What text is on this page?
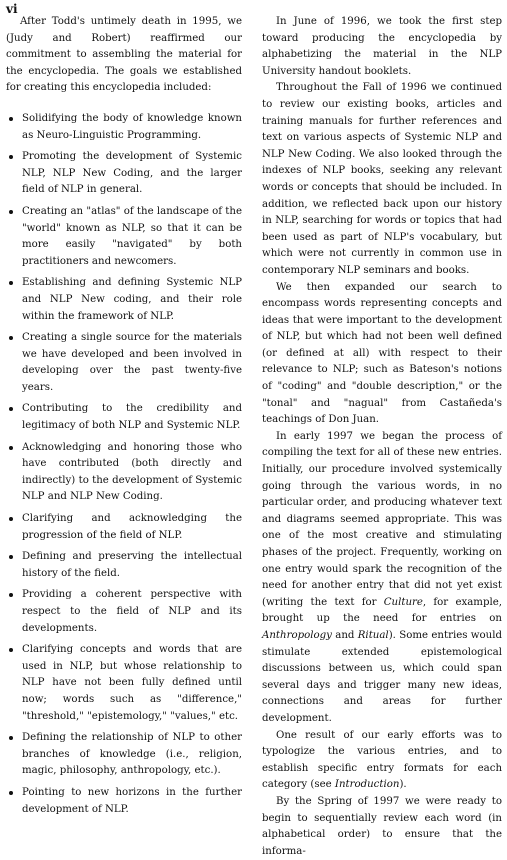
vi

After Todd's untimely death in 1995, we (Judy and Robert) reaffirmed our commitment to assembling the material for the encyclopedia. The goals we established for creating this encyclopedia included:

Solidifying the body of knowledge known as Neuro-Linguistic Programming.
Promoting the development of Systemic NLP, NLP New Coding, and the larger field of NLP in general.
Creating an "atlas" of the landscape of the "world" known as NLP, so that it can be more easily "navigated" by both practitioners and newcomers.
Establishing and defining Systemic NLP and NLP New coding, and their role within the framework of NLP.
Creating a single source for the materials we have developed and been involved in developing over the past twenty-five years.
Contributing to the credibility and legitimacy of both NLP and Systemic NLP.
Acknowledging and honoring those who have contributed (both directly and indirectly) to the development of Systemic NLP and NLP New Coding.
Clarifying and acknowledging the progression of the field of NLP.
Defining and preserving the intellectual history of the field.
Providing a coherent perspective with respect to the field of NLP and its developments.
Clarifying concepts and words that are used in NLP, but whose relationship to NLP have not been fully defined until now; words such as "difference," "threshold," "epistemology," "values," etc.
Defining the relationship of NLP to other branches of knowledge (i.e., religion, magic, philosophy, anthropology, etc.).
Pointing to new horizons in the further development of NLP.

In June of 1996, we took the first step toward producing the encyclopedia by alphabetizing the material in the NLP University handout booklets.

Throughout the Fall of 1996 we continued to review our existing books, articles and training manuals for further references and text on various aspects of Systemic NLP and NLP New Coding. We also looked through the indexes of NLP books, seeking any relevant words or concepts that should be included. In addition, we reflected back upon our history in NLP, searching for words or topics that had been used as part of NLP's vocabulary, but which were not currently in common use in contemporary NLP seminars and books.

We then expanded our search to encompass words representing concepts and ideas that were important to the development of NLP, but which had not been well defined (or defined at all) with respect to their relevance to NLP; such as Bateson's notions of "coding" and "double description," or the "tonal" and "nagual" from Castañeda's teachings of Don Juan.

In early 1997 we began the process of compiling the text for all of these new entries. Initially, our procedure involved systemically going through the various words, in no particular order, and producing whatever text and diagrams seemed appropriate. This was one of the most creative and stimulating phases of the project. Frequently, working on one entry would spark the recognition of the need for another entry that did not yet exist (writing the text for Culture, for example, brought up the need for entries on Anthropology and Ritual). Some entries would stimulate extended epistemological discussions between us, which could span several days and trigger many new ideas, connections and areas for further development.

One result of our early efforts was to typologize the various entries, and to establish specific entry formats for each category (see Introduction).

By the Spring of 1997 we were ready to begin to sequentially review each word (in alphabetical order) to ensure that the informa-
